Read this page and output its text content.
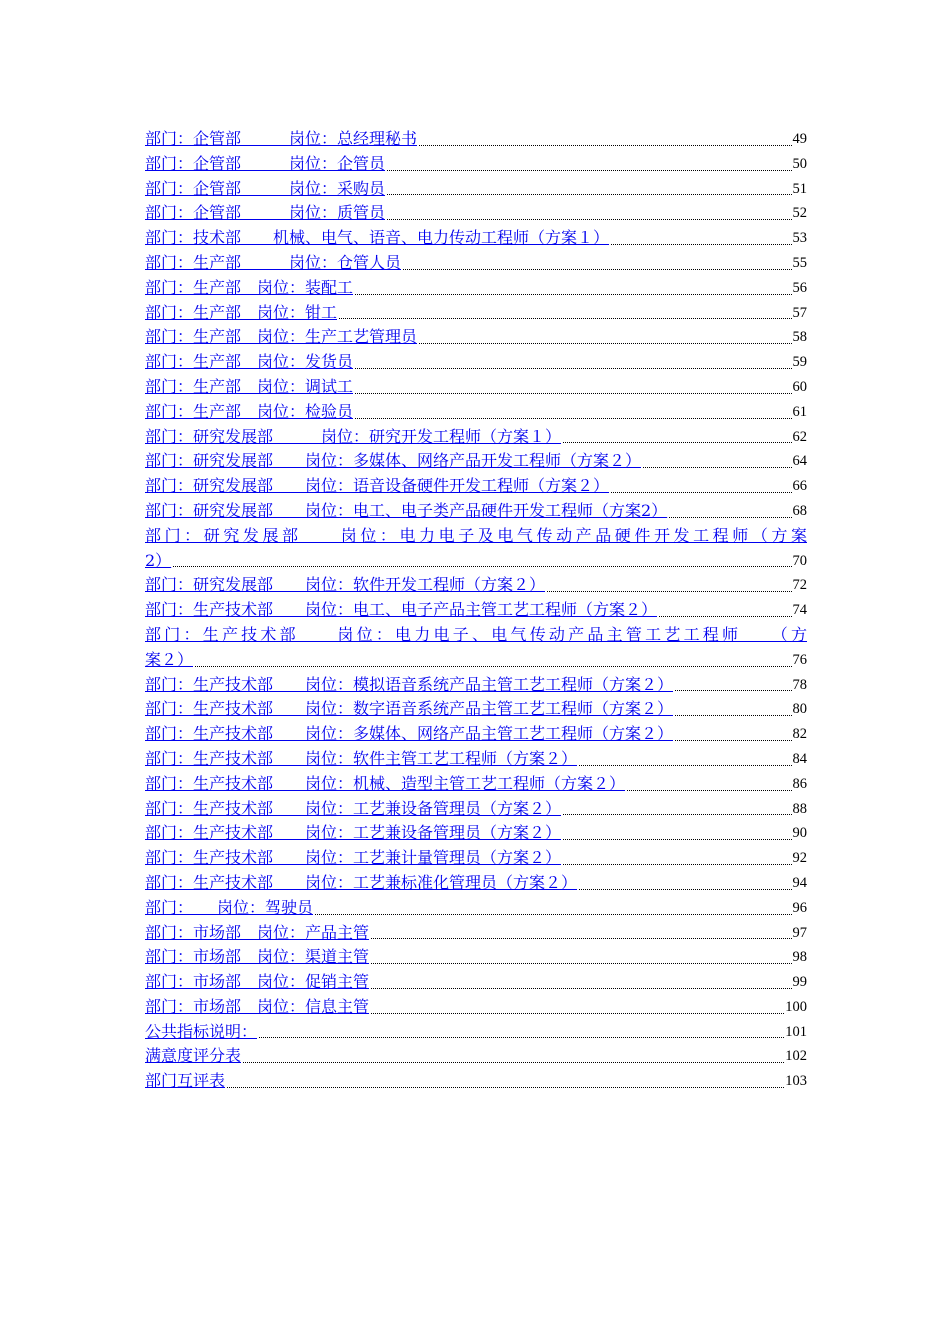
部门：企管部　　　岗位：总经理秘书	49
部门：企管部　　　岗位：企管员	50
部门：企管部　　　岗位：采购员	51
部门：企管部　　　岗位：质管员	52
部门：技术部　　机械、电气、语音、电力传动工程师（方案１）	53
部门：生产部　　　岗位：仓管人员	55
部门：生产部　岗位：装配工	56
部门：生产部　岗位：钳工	57
部门：生产部　岗位：生产工艺管理员	58
部门：生产部　岗位：发货员	59
部门：生产部　岗位：调试工	60
部门：生产部　岗位：检验员	61
部门：研究发展部　　　岗位：研究开发工程师（方案１）	62
部门：研究发展部　　岗位：多媒体、网络产品开发工程师（方案２）	64
部门：研究发展部　　岗位：语音设备硬件开发工程师（方案２）	66
部门：研究发展部　　岗位：电工、电子类产品硬件开发工程师（方案2）	68
部门：研究发展部　　岗位：电力电子及电气传动产品硬件开发工程师（方案
2）	70
部门：研究发展部　　岗位：软件开发工程师（方案２）	72
部门：生产技术部　　岗位：电工、电子产品主管工艺工程师（方案２）	74
部门：生产技术部　　岗位：电力电子、电气传动产品主管工艺工程师　　（方
案２）	76
部门：生产技术部　　岗位：模拟语音系统产品主管工艺工程师（方案２）	78
部门：生产技术部　　岗位：数字语音系统产品主管工艺工程师（方案２）	80
部门：生产技术部　　岗位：多媒体、网络产品主管工艺工程师（方案２）	82
部门：生产技术部　　岗位：软件主管工艺工程师（方案２）	84
部门：生产技术部　　岗位：机械、造型主管工艺工程师（方案２）	86
部门：生产技术部　　岗位：工艺兼设备管理员（方案２）	88
部门：生产技术部　　岗位：工艺兼设备管理员（方案２）	90
部门：生产技术部　　岗位：工艺兼计量管理员（方案２）	92
部门：生产技术部　　岗位：工艺兼标准化管理员（方案２）	94
部门：　　岗位：驾驶员	96
部门：市场部　岗位：产品主管	97
部门：市场部　岗位：渠道主管	98
部门：市场部　岗位：促销主管	99
部门：市场部　岗位：信息主管	100
公共指标说明：	101
满意度评分表	102
部门互评表	103
